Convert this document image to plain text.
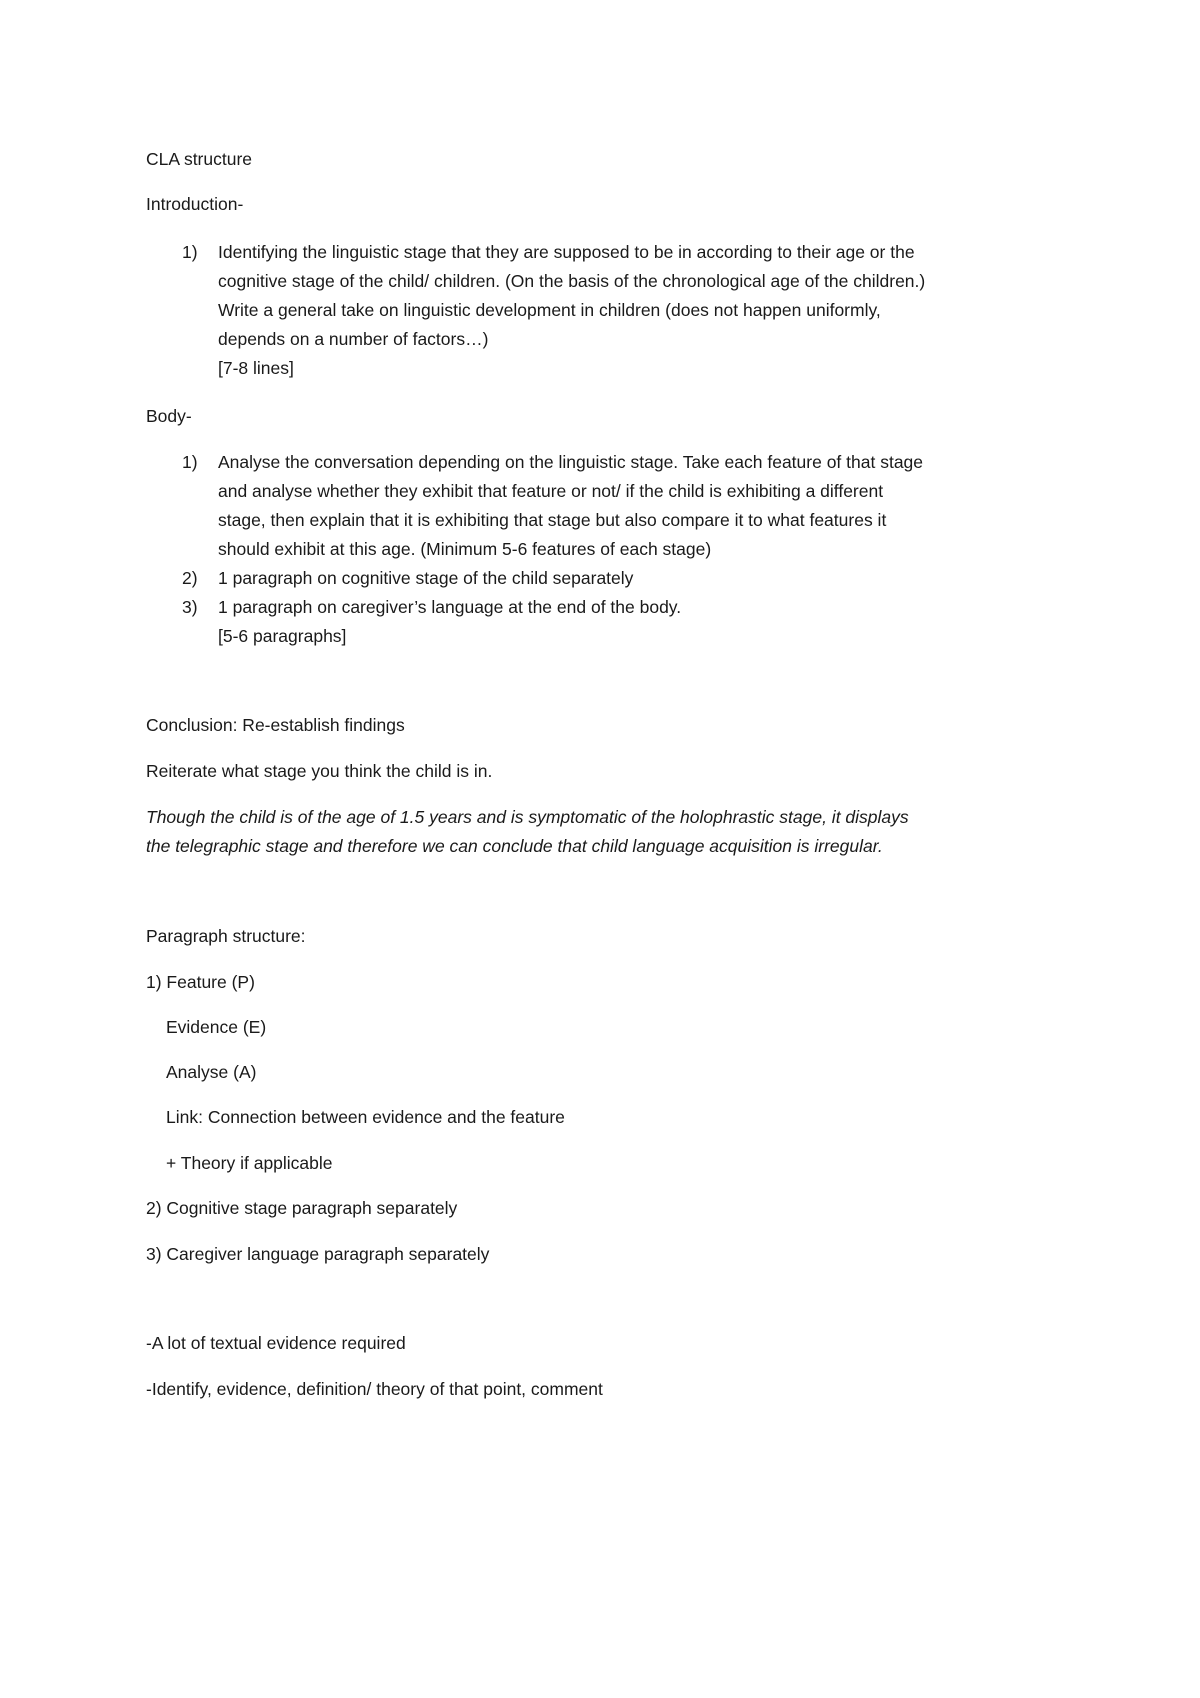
CLA structure

Introduction-

1) Identifying the linguistic stage that they are supposed to be in according to their age or the
cognitive stage of the child/ children. (On the basis of the chronological age of the children.)
Write a general take on linguistic development in children (does not happen uniformly,
depends on a number of factors…)
[7-8 lines]

Body-

1) Analyse the conversation depending on the linguistic stage. Take each feature of that stage
and analyse whether they exhibit that feature or not/ if the child is exhibiting a different
stage, then explain that it is exhibiting that stage but also compare it to what features it
should exhibit at this age. (Minimum 5-6 features of each stage)
2) 1 paragraph on cognitive stage of the child separately
3) 1 paragraph on caregiver’s language at the end of the body.
[5-6 paragraphs]

Conclusion: Re-establish findings

Reiterate what stage you think the child is in.

Though the child is of the age of 1.5 years and is symptomatic of the holophrastic stage, it displays

the telegraphic stage and therefore we can conclude that child language acquisition is irregular.

Paragraph structure:

1) Feature (P)

Evidence (E)

Analyse (A)

Link: Connection between evidence and the feature

+ Theory if applicable

2) Cognitive stage paragraph separately

3) Caregiver language paragraph separately

-A lot of textual evidence required

-Identify, evidence, definition/ theory of that point, comment
